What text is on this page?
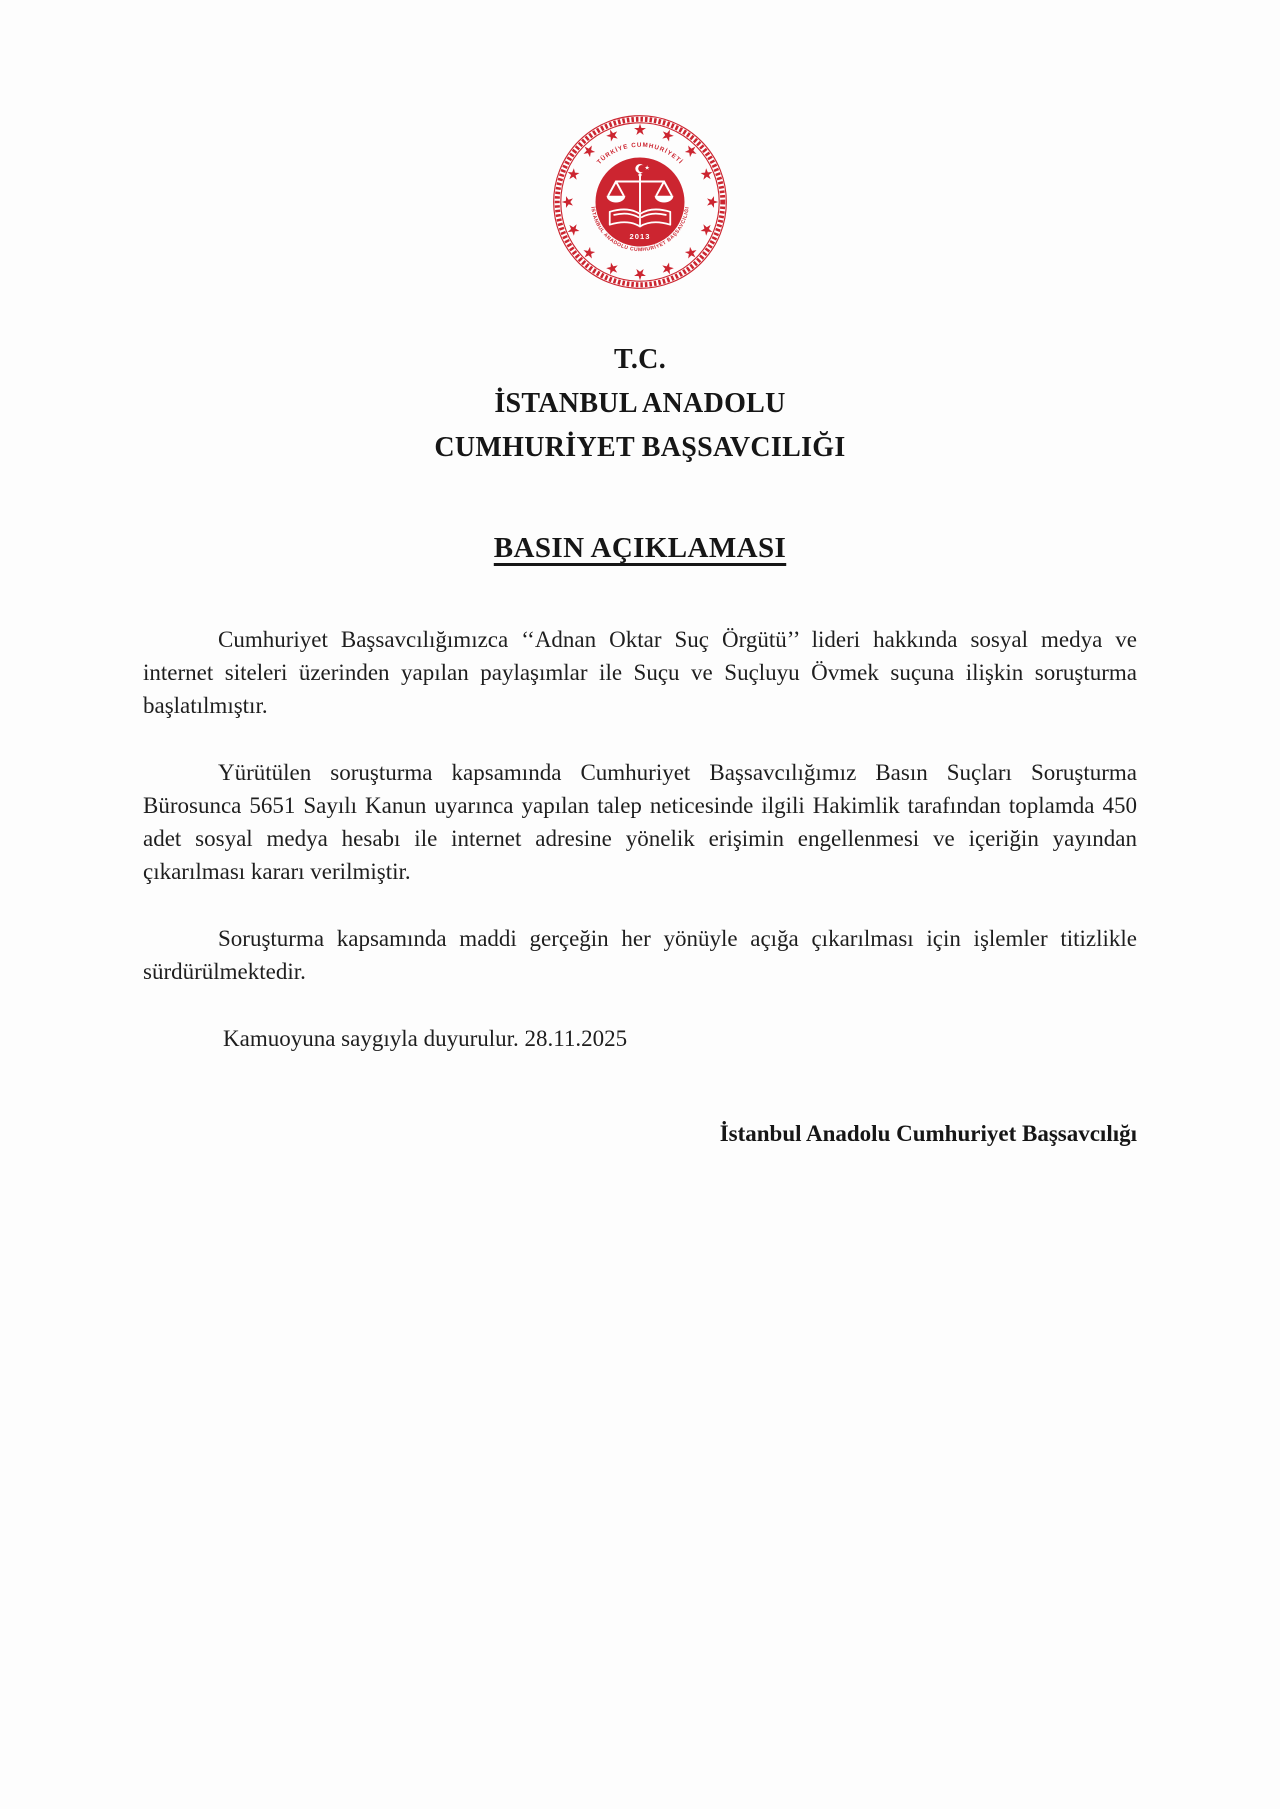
TÜRKİYE CUMHURİYETİ
İSTANBUL ANADOLU CUMHURİYET BAŞSAVCILIĞI
2013
T.C.
İSTANBUL ANADOLU
CUMHURİYET BAŞSAVCILIĞI
BASIN AÇIKLAMASI

Cumhuriyet Başsavcılığımızca ‘‘Adnan Oktar Suç Örgütü’’ lideri hakkında sosyal medya ve internet siteleri üzerinden yapılan paylaşımlar ile Suçu ve Suçluyu Övmek suçuna ilişkin soruşturma başlatılmıştır.

Yürütülen soruşturma kapsamında Cumhuriyet Başsavcılığımız Basın Suçları Soruşturma Bürosunca 5651 Sayılı Kanun uyarınca yapılan talep neticesinde ilgili Hakimlik tarafından toplamda 450 adet sosyal medya hesabı ile internet adresine yönelik erişimin engellenmesi ve içeriğin yayından çıkarılması kararı verilmiştir.

Soruşturma kapsamında maddi gerçeğin her yönüyle açığa çıkarılması için işlemler titizlikle sürdürülmektedir.

Kamuoyuna saygıyla duyurulur. 28.11.2025
İstanbul Anadolu Cumhuriyet Başsavcılığı
